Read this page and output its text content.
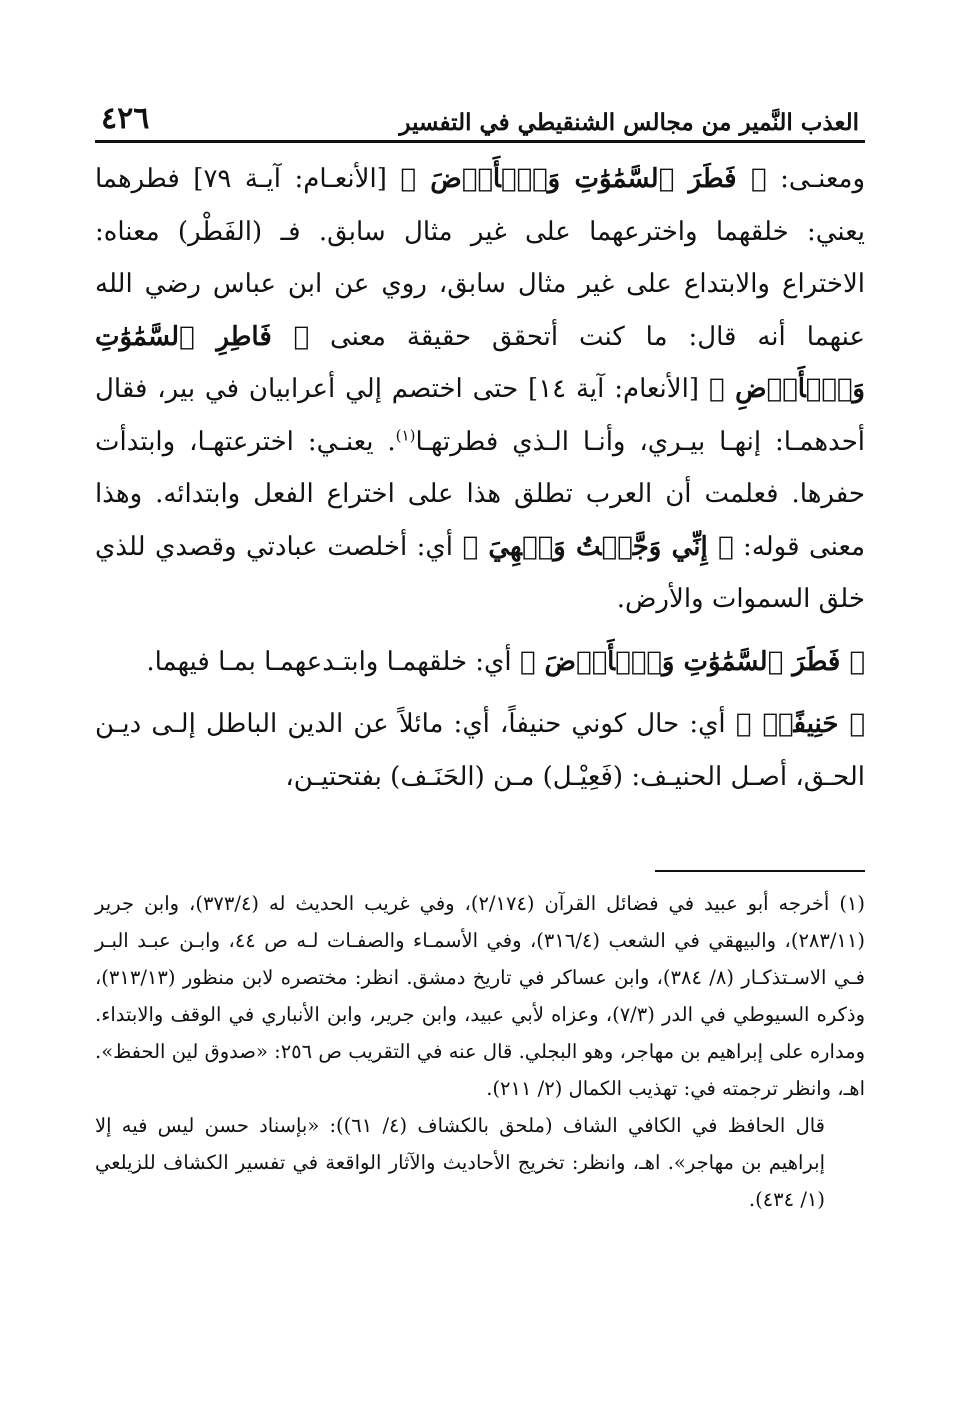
العذب النَّمير من مجالس الشنقيطي في التفسير
٤٢٦

ومعنـى: ﴿ فَطَرَ ٱلسَّمَٰوَٰتِ وَٱلۡأَرۡضَ ﴾ [الأنعـام: آيـة ٧٩] فطرهما يعني: خلقهما واخترعهما على غير مثال سابق. فـ (الفَطْر) معناه: الاختراع والابتداع على غير مثال سابق، روي عن ابن عباس رضي الله عنهما أنه قال: ما كنت أتحقق حقيقة معنى ﴿ فَاطِرِ ٱلسَّمَٰوَٰتِ وَٱلۡأَرۡضِ ﴾ [الأنعام: آية ١٤] حتى اختصم إلي أعرابيان في بير، فقال أحدهمـا: إنهـا بيـري، وأنـا الـذي فطرتهـا$^{(١)}$. يعنـي: اخترعتهـا، وابتدأت حفرها. فعلمت أن العرب تطلق هذا على اختراع الفعل وابتدائه. وهذا معنى قوله: ﴿ إِنِّي وَجَّهۡتُ وَجۡهِيَ ﴾ أي: أخلصت عبادتي وقصدي للذي خلق السموات والأرض.

﴿ فَطَرَ ٱلسَّمَٰوَٰتِ وَٱلۡأَرۡضَ ﴾ أي: خلقهمـا وابتـدعهمـا بمـا فيهما.

﴿ حَنِيفًاۖ ﴾ أي: حال كوني حنيفاً، أي: مائلاً عن الدين الباطل إلـى ديـن الحـق، أصـل الحنيـف: (فَعِيْـل) مـن (الحَنَـف) بفتحتيـن،

(١)أخرجه أبو عبيد في فضائل القرآن (٢/١٧٤)، وفي غريب الحديث له (٣٧٣/٤)، وابن جرير (٢٨٣/١١)، والبيهقي في الشعب (٣١٦/٤)، وفي الأسمـاء والصفـات لـه ص ٤٤، وابـن عبـد البـر فـي الاسـتذكـار (٨/ ٣٨٤)، وابن عساكر في تاريخ دمشق. انظر: مختصره لابن منظور (٣١٣/١٣)، وذكره السيوطي في الدر (٧/٣)، وعزاه لأبي عبيد، وابن جرير، وابن الأنباري في الوقف والابتداء. ومداره على إبراهيم بن مهاجر، وهو البجلي. قال عنه في التقريب ص ٢٥٦: «صدوق لين الحفظ». اهـ، وانظر ترجمته في: تهذيب الكمال (٢/ ٢١١).

قال الحافظ في الكافي الشاف (ملحق بالكشاف (٤/ ٦١)): «بإسناد حسن ليس فيه إلا إبراهيم بن مهاجر». اهـ، وانظر: تخريج الأحاديث والآثار الواقعة في تفسير الكشاف للزيلعي (١/ ٤٣٤).
